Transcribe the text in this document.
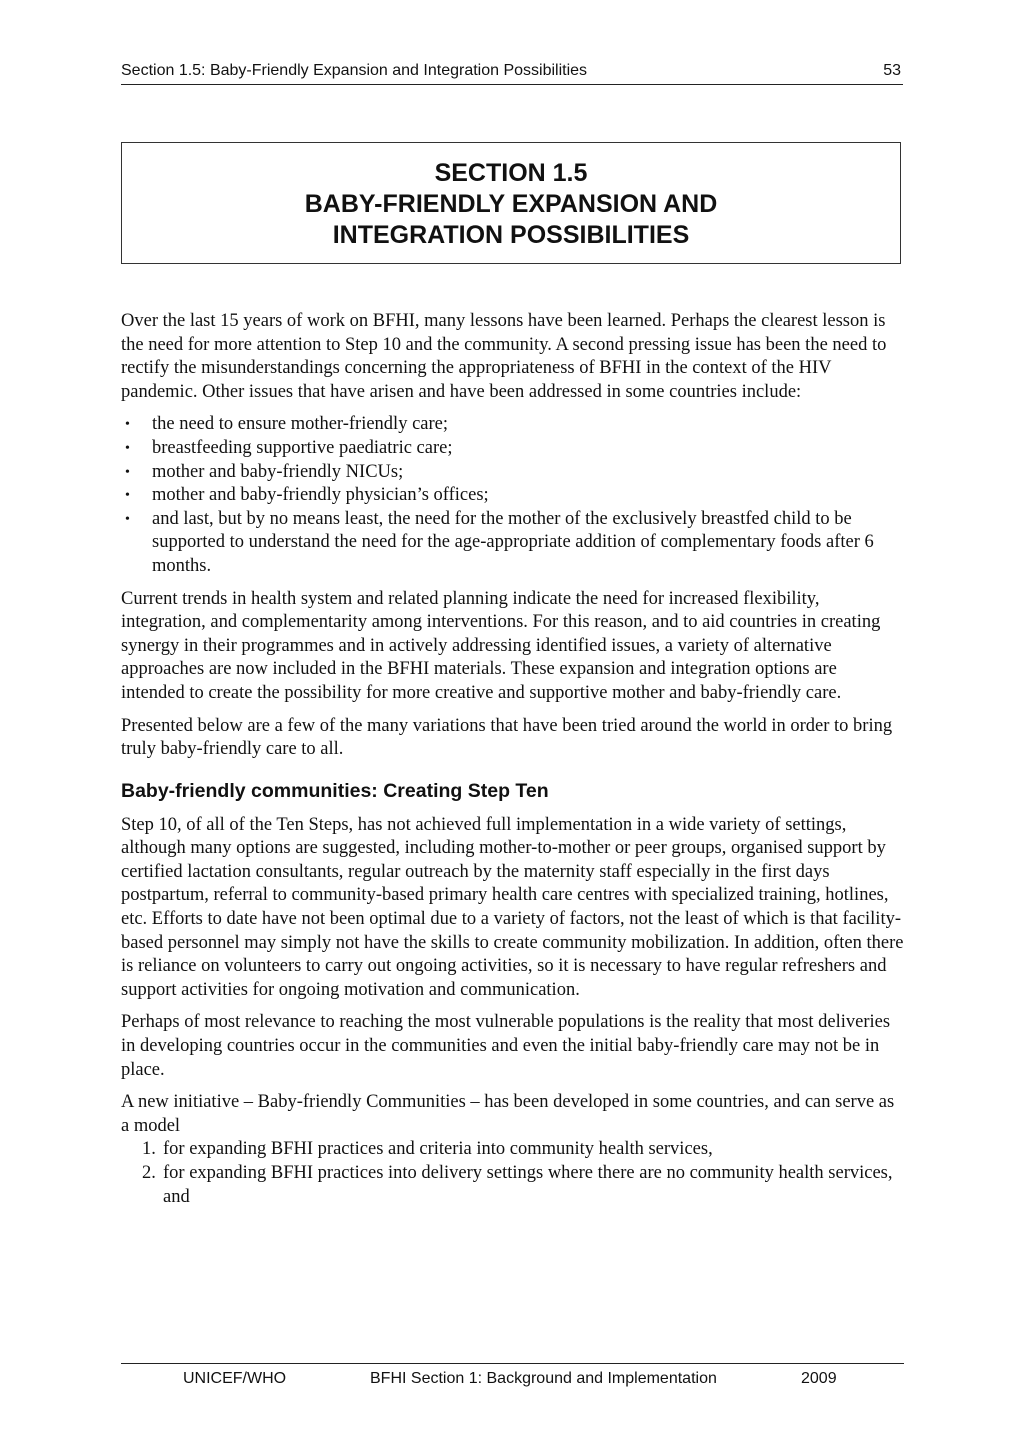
Section 1.5: Baby-Friendly Expansion and Integration Possibilities	53
SECTION 1.5
BABY-FRIENDLY EXPANSION AND
INTEGRATION POSSIBILITIES

Over the last 15 years of work on BFHI, many lessons have been learned. Perhaps the clearest lesson is the need for more attention to Step 10 and the community. A second pressing issue has been the need to rectify the misunderstandings concerning the appropriateness of BFHI in the context of the HIV pandemic. Other issues that have arisen and have been addressed in some countries include:

• the need to ensure mother-friendly care;
• breastfeeding supportive paediatric care;
• mother and baby-friendly NICUs;
• mother and baby-friendly physician’s offices;
• and last, but by no means least, the need for the mother of the exclusively breastfed child to be supported to understand the need for the age-appropriate addition of complementary foods after 6 months.

Current trends in health system and related planning indicate the need for increased flexibility, integration, and complementarity among interventions. For this reason, and to aid countries in creating synergy in their programmes and in actively addressing identified issues, a variety of alternative approaches are now included in the BFHI materials. These expansion and integration options are intended to create the possibility for more creative and supportive mother and baby-friendly care.

Presented below are a few of the many variations that have been tried around the world in order to bring truly baby-friendly care to all.

Baby-friendly communities: Creating Step Ten

Step 10, of all of the Ten Steps, has not achieved full implementation in a wide variety of settings, although many options are suggested, including mother-to-mother or peer groups, organised support by certified lactation consultants, regular outreach by the maternity staff especially in the first days postpartum, referral to community-based primary health care centres with specialized training, hotlines, etc. Efforts to date have not been optimal due to a variety of factors, not the least of which is that facility-based personnel may simply not have the skills to create community mobilization. In addition, often there is reliance on volunteers to carry out ongoing activities, so it is necessary to have regular refreshers and support activities for ongoing motivation and communication.

Perhaps of most relevance to reaching the most vulnerable populations is the reality that most deliveries in developing countries occur in the communities and even the initial baby-friendly care may not be in place.

A new initiative – Baby-friendly Communities – has been developed in some countries, and can serve as a model

1. for expanding BFHI practices and criteria into community health services,
2. for expanding BFHI practices into delivery settings where there are no community health services, and
UNICEF/WHO	BFHI Section 1: Background and Implementation	2009
